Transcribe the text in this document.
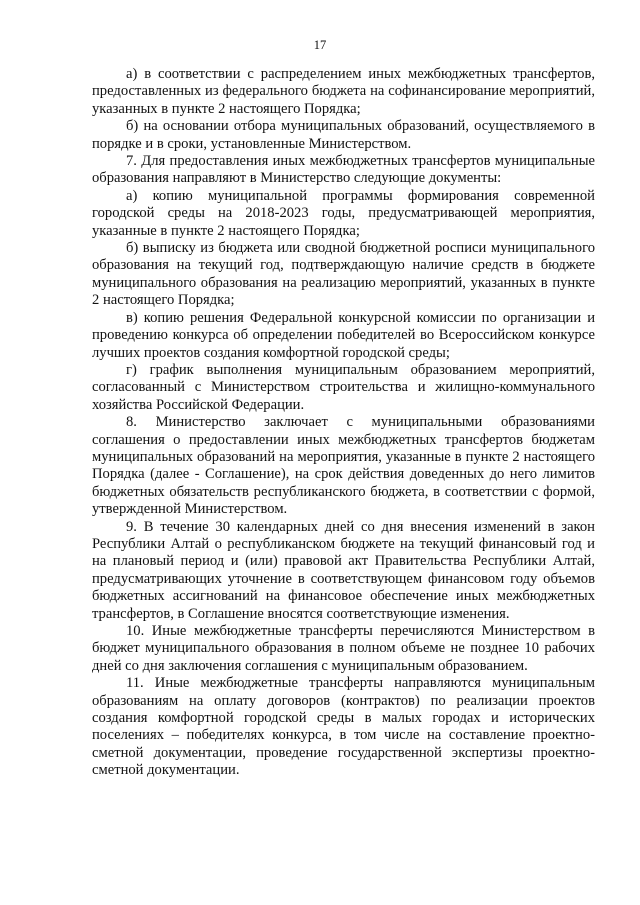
17

а) в соответствии с распределением иных межбюджетных трансфертов, предоставленных из федерального бюджета на софинансирование мероприятий, указанных в пункте 2 настоящего Порядка;

б) на основании отбора муниципальных образований, осуществляемого в порядке и в сроки, установленные Министерством.

7. Для предоставления иных межбюджетных трансфертов муниципальные образования направляют в Министерство следующие документы:

а) копию муниципальной программы формирования современной городской среды на 2018-2023 годы, предусматривающей мероприятия, указанные в пункте 2 настоящего Порядка;

б) выписку из бюджета или сводной бюджетной росписи муниципального образования на текущий год, подтверждающую наличие средств в бюджете муниципального образования на реализацию мероприятий, указанных в пункте 2 настоящего Порядка;

в) копию решения Федеральной конкурсной комиссии по организации и проведению конкурса об определении победителей во Всероссийском конкурсе лучших проектов создания комфортной городской среды;

г) график выполнения муниципальным образованием мероприятий, согласованный с Министерством строительства и жилищно-коммунального хозяйства Российской Федерации.

8. Министерство заключает с муниципальными образованиями соглашения о предоставлении иных межбюджетных трансфертов бюджетам муниципальных образований на мероприятия, указанные в пункте 2 настоящего Порядка (далее - Соглашение), на срок действия доведенных до него лимитов бюджетных обязательств республиканского бюджета, в соответствии с формой, утвержденной Министерством.

9. В течение 30 календарных дней со дня внесения изменений в закон Республики Алтай о республиканском бюджете на текущий финансовый год и на плановый период и (или) правовой акт Правительства Республики Алтай, предусматривающих уточнение в соответствующем финансовом году объемов бюджетных ассигнований на финансовое обеспечение иных межбюджетных трансфертов, в Соглашение вносятся соответствующие изменения.

10. Иные межбюджетные трансферты перечисляются Министерством в бюджет муниципального образования в полном объеме не позднее 10 рабочих дней со дня заключения соглашения с муниципальным образованием.

11. Иные межбюджетные трансферты направляются муниципальным образованиям на оплату договоров (контрактов) по реализации проектов создания комфортной городской среды в малых городах и исторических поселениях – победителях конкурса, в том числе на составление проектно-сметной документации, проведение государственной экспертизы проектно-сметной документации.
